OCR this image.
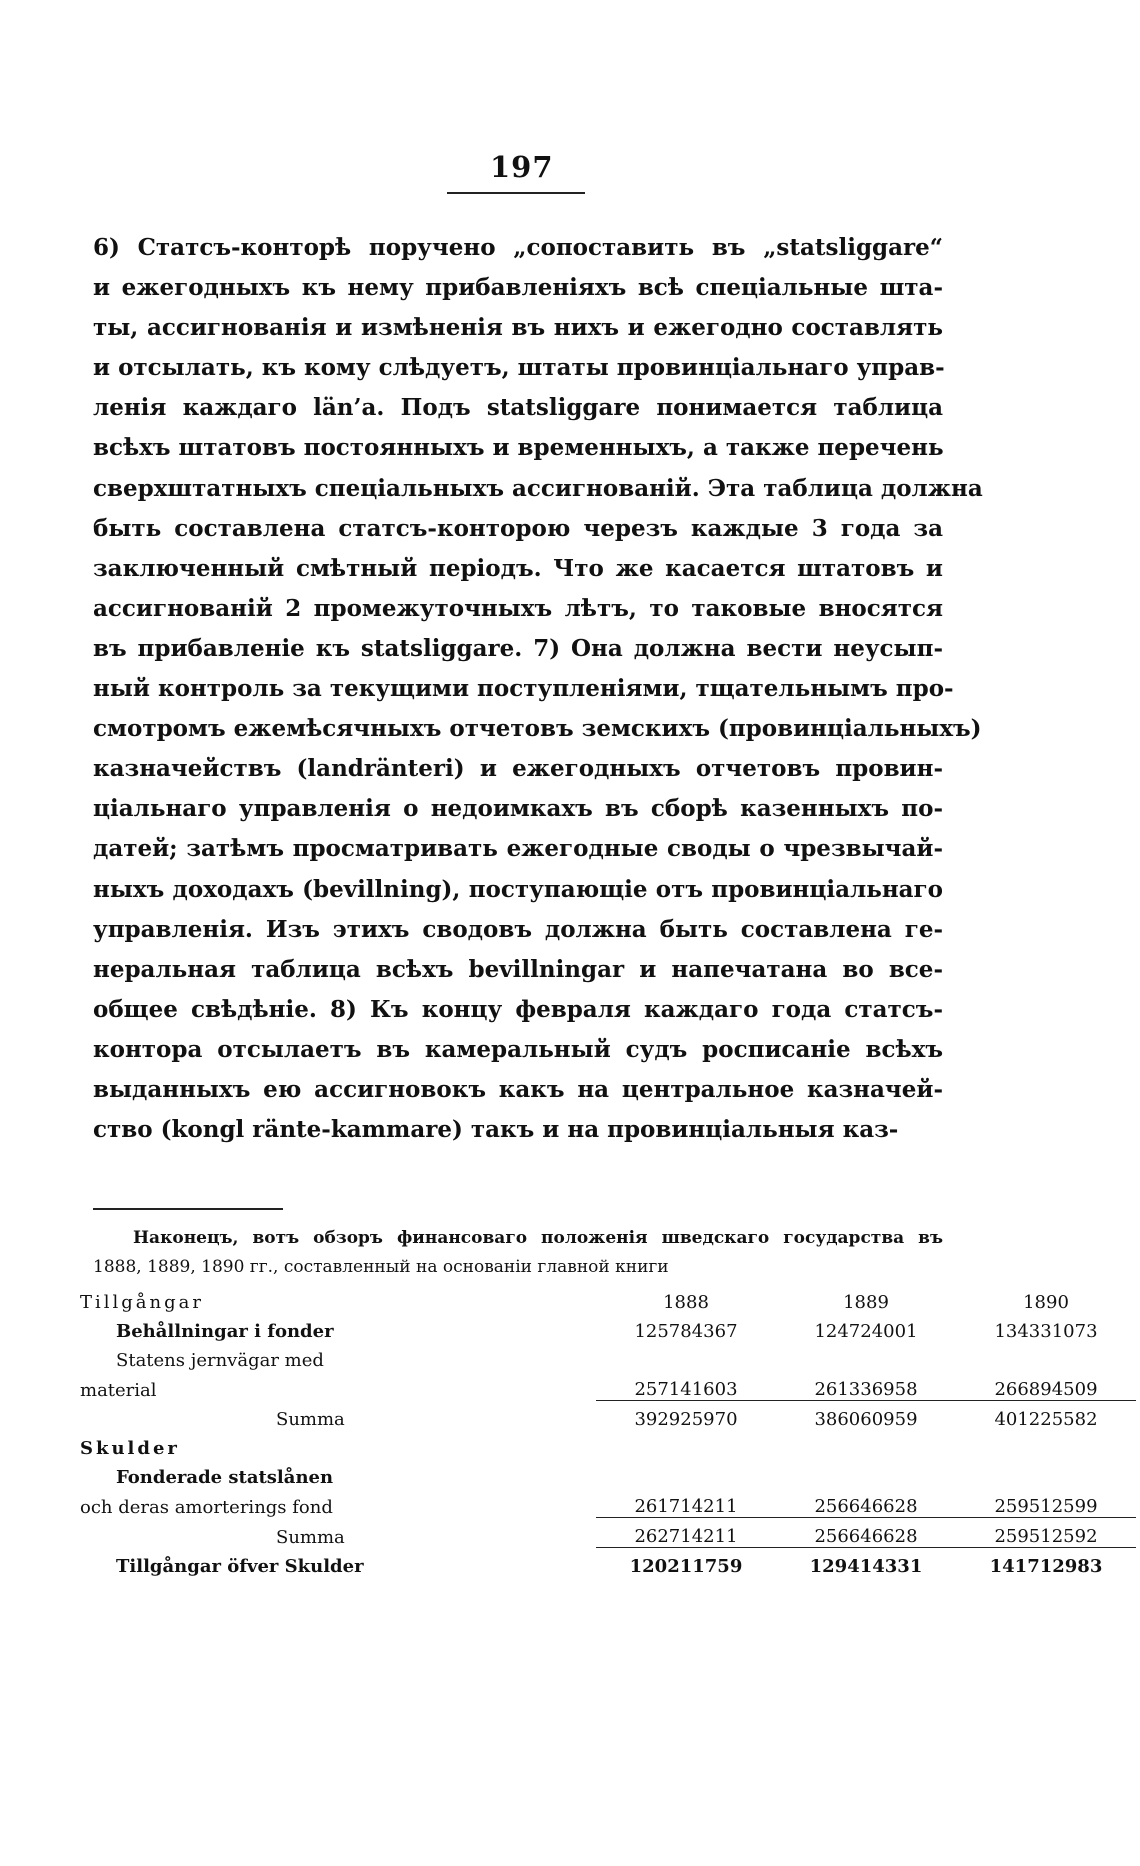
197
6) Статсъ-конторѣ поручено „сопоставить въ „statsliggare“
и ежегодныхъ къ нему прибавленіяхъ всѣ спеціальные шта-
ты, ассигнованія и измѣненія въ нихъ и ежегодно составлять
и отсылать, къ кому слѣдуетъ, штаты провинціальнаго управ-
ленія каждаго län’a. Подъ statsliggare понимается таблица
всѣхъ штатовъ постоянныхъ и временныхъ, а также перечень
сверхштатныхъ спеціальныхъ ассигнованій. Эта таблица должна
быть составлена статсъ-конторою черезъ каждые 3 года за
заключенный смѣтный періодъ. Что же касается штатовъ и
ассигнованій 2 промежуточныхъ лѣтъ, то таковые вносятся
въ прибавленіе къ statsliggare. 7) Она должна вести неусып-
ный контроль за текущими поступленіями, тщательнымъ про-
смотромъ ежемѣсячныхъ отчетовъ земскихъ (провинціальныхъ)
казначействъ (landränteri) и ежегодныхъ отчетовъ провин-
ціальнаго управленія о недоимкахъ въ сборѣ казенныхъ по-
датей; затѣмъ просматривать ежегодные своды о чрезвычай-
ныхъ доходахъ (bevillning), поступающіе отъ провинціальнаго
управленія. Изъ этихъ сводовъ должна быть составлена ге-
неральная таблица всѣхъ bevillningar и напечатана во все-
общее свѣдѣніе. 8) Къ концу февраля каждаго года статсъ-
контора отсылаетъ въ камеральный судъ росписаніе всѣхъ
выданныхъ ею ассигновокъ какъ на центральное казначей-
ство (kongl ränte-kammare) такъ и на провинціальныя каз-
Наконецъ, вотъ обзоръ финансоваго положенія шведскаго государства въ
1888, 1889, 1890 гг., составленный на основаніи главной книги
Tillgångar	1888	1889	1890
Behållningar i fonder	125784367	124724001	134331073
Statens jernvägar med			
material	257141603	261336958	266894509
Summa	392925970	386060959	401225582
Skulder			
Fonderade statslånen			
och deras amorterings fond	261714211	256646628	259512599
Summa	262714211	256646628	259512592
Tillgångar öfver Skulder	120211759	129414331	141712983
